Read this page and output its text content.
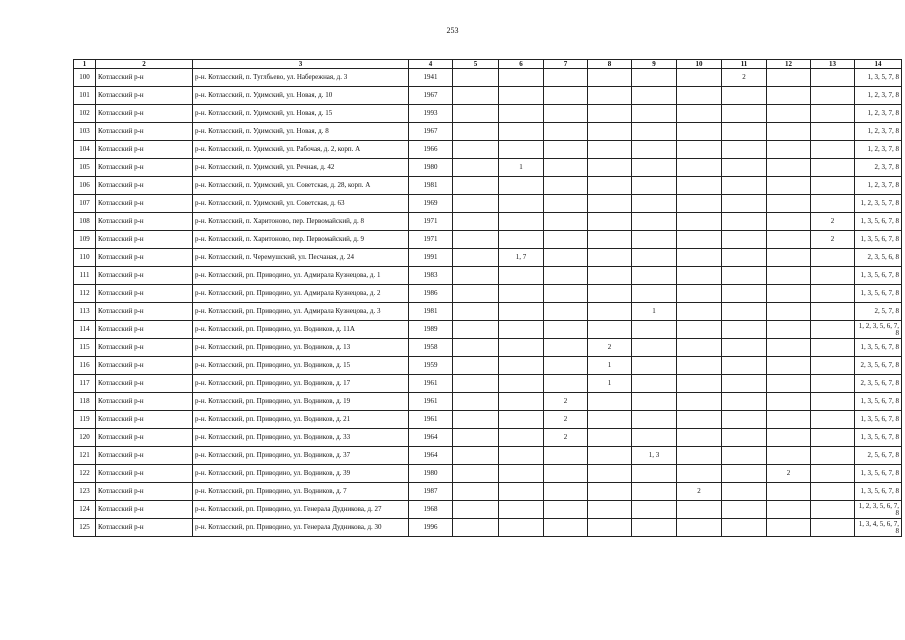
253
1	2	3	4	5	6	7	8	9	10	11	12	13	14
100	Котласский р-н	р-н. Котласский, п. Туглбьево, ул. Набережная, д. 3	1941							2			1, 3, 5, 7, 8
101	Котласский р-н	р-н. Котласский, п. Удимский, ул. Новая, д. 10	1967										1, 2, 3, 7, 8
102	Котласский р-н	р-н. Котласский, п. Удимский, ул. Новая, д. 15	1993										1, 2, 3, 7, 8
103	Котласский р-н	р-н. Котласский, п. Удимский, ул. Новая, д. 8	1967										1, 2, 3, 7, 8
104	Котласский р-н	р-н. Котласский, п. Удимский, ул. Рабочая, д. 2, корп. А	1966										1, 2, 3, 7, 8
105	Котласский р-н	р-н. Котласский, п. Удимский, ул. Речная, д. 42	1980		1								2, 3, 7, 8
106	Котласский р-н	р-н. Котласский, п. Удимский, ул. Советская, д. 28, корп. А	1981										1, 2, 3, 7, 8
107	Котласский р-н	р-н. Котласский, п. Удимский, ул. Советская, д. 63	1969										1, 2, 3, 5, 7, 8
108	Котласский р-н	р-н. Котласский, п. Харитоново, пер. Первомайский, д. 8	1971									2	1, 3, 5, 6, 7, 8
109	Котласский р-н	р-н. Котласский, п. Харитоново, пер. Первомайский, д. 9	1971									2	1, 3, 5, 6, 7, 8
110	Котласский р-н	р-н. Котласский, п. Черемушский, ул. Песчаная, д. 24	1991		1, 7								2, 3, 5, 6, 8
111	Котласский р-н	р-н. Котласский, рп. Приводино, ул. Адмирала Кузнецова, д. 1	1983										1, 3, 5, 6, 7, 8
112	Котласский р-н	р-н. Котласский, рп. Приводино, ул. Адмирала Кузнецова, д. 2	1986										1, 3, 5, 6, 7, 8
113	Котласский р-н	р-н. Котласский, рп. Приводино, ул. Адмирала Кузнецова, д. 3	1981					1					2, 5, 7, 8
114	Котласский р-н	р-н. Котласский, рп. Приводино, ул. Водников, д. 11А	1989										1, 2, 3, 5, 6, 7, 8
115	Котласский р-н	р-н. Котласский, рп. Приводино, ул. Водников, д. 13	1958				2						1, 3, 5, 6, 7, 8
116	Котласский р-н	р-н. Котласский, рп. Приводино, ул. Водников, д. 15	1959				1						2, 3, 5, 6, 7, 8
117	Котласский р-н	р-н. Котласский, рп. Приводино, ул. Водников, д. 17	1961				1						2, 3, 5, 6, 7, 8
118	Котласский р-н	р-н. Котласский, рп. Приводино, ул. Водников, д. 19	1961			2							1, 3, 5, 6, 7, 8
119	Котласский р-н	р-н. Котласский, рп. Приводино, ул. Водников, д. 21	1961			2							1, 3, 5, 6, 7, 8
120	Котласский р-н	р-н. Котласский, рп. Приводино, ул. Водников, д. 33	1964			2							1, 3, 5, 6, 7, 8
121	Котласский р-н	р-н. Котласский, рп. Приводино, ул. Водников, д. 37	1964					1, 3					2, 5, 6, 7, 8
122	Котласский р-н	р-н. Котласский, рп. Приводино, ул. Водников, д. 39	1980								2		1, 3, 5, 6, 7, 8
123	Котласский р-н	р-н. Котласский, рп. Приводино, ул. Водников, д. 7	1987						2				1, 3, 5, 6, 7, 8
124	Котласский р-н	р-н. Котласский, рп. Приводино, ул. Генерала Дудникова, д. 27	1968										1, 2, 3, 5, 6, 7, 8
125	Котласский р-н	р-н. Котласский, рп. Приводино, ул. Генерала Дудникова, д. 30	1996										1, 3, 4, 5, 6, 7, 8
